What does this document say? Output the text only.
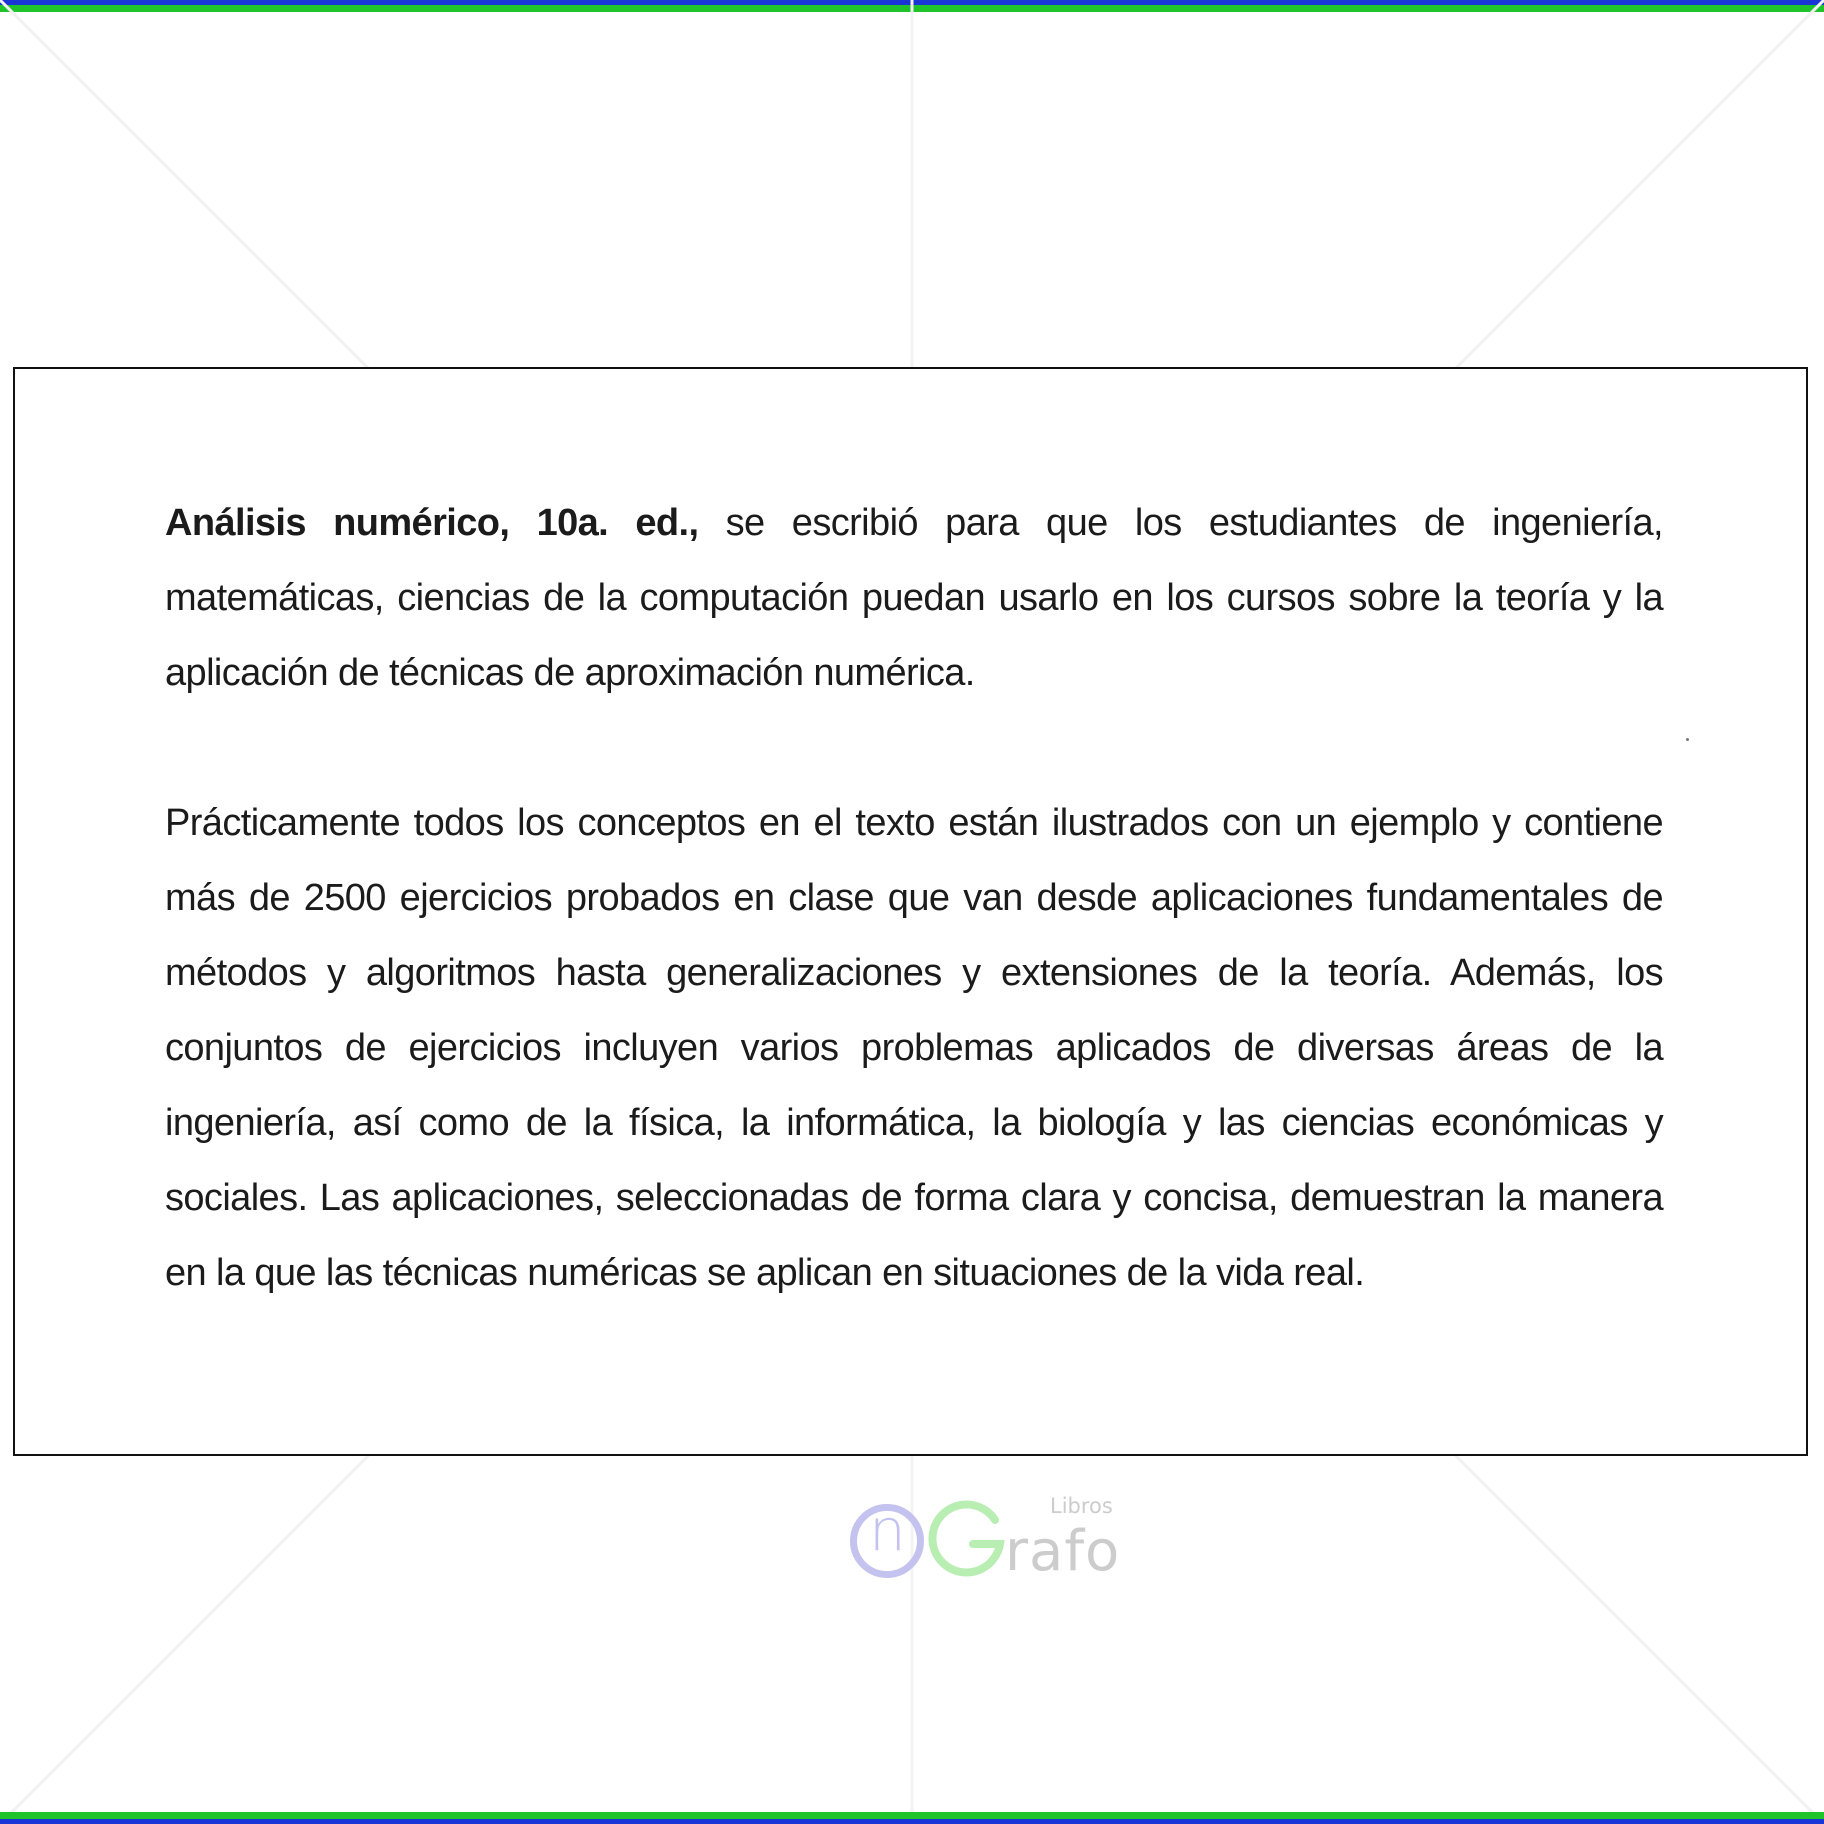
Análisis numérico, 10a. ed., se escribió para que los estudiantes de ingeniería, matemáticas, ciencias de la computación puedan usarlo en los cursos sobre la teoría y la aplicación de técnicas de aproximación numérica.

Prácticamente todos los conceptos en el texto están ilustrados con un ejemplo y contiene más de 2500 ejercicios probados en clase que van desde aplicaciones fundamentales de métodos y algoritmos hasta generalizaciones y extensiones de la teoría. Además, los conjuntos de ejercicios incluyen varios problemas aplicados de diversas áreas de la ingeniería, así como de la física, la informática, la biología y las ciencias económicas y sociales. Las aplicaciones, seleccionadas de forma clara y concisa, demuestran la manera en la que las técnicas numéricas se aplican en situaciones de la vida real.

n rafo
Libros
